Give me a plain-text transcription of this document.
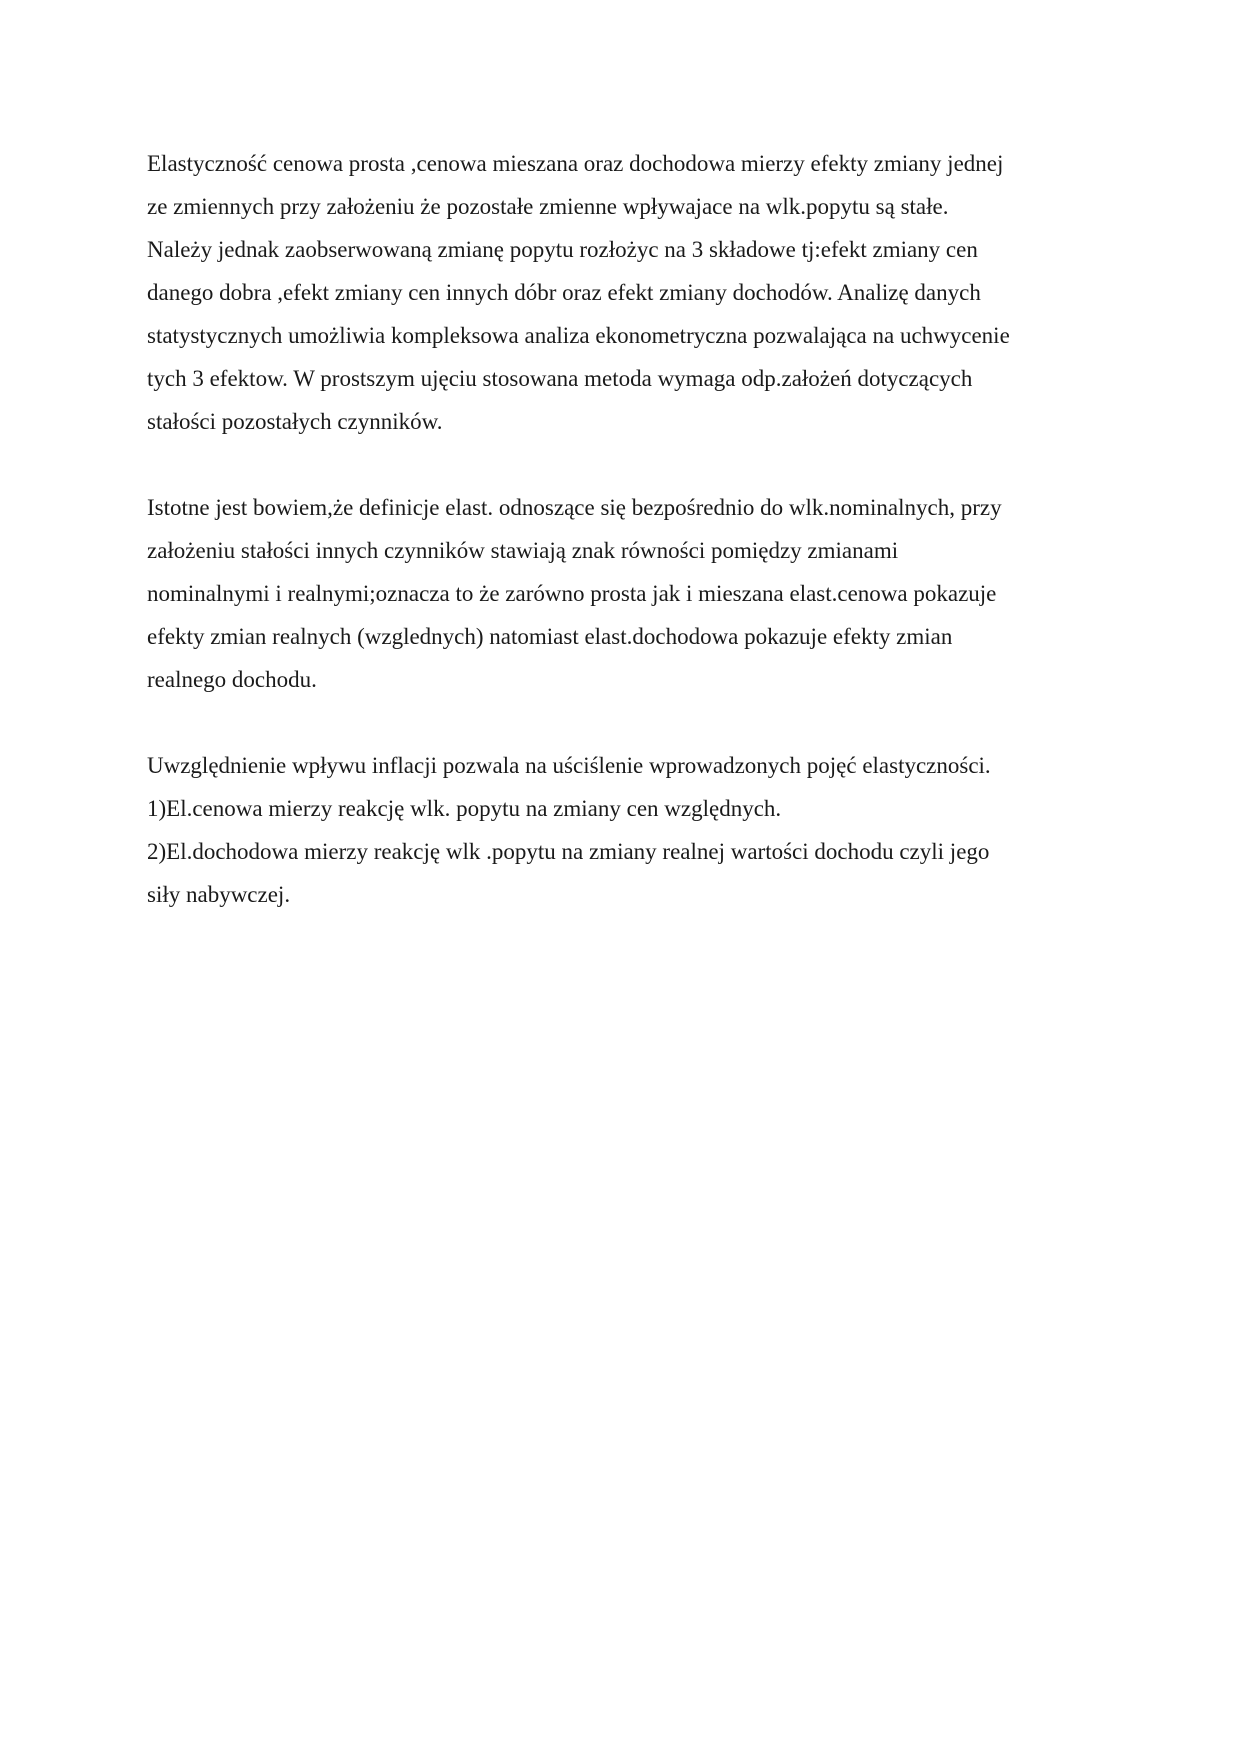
Elastyczność cenowa prosta ,cenowa mieszana oraz dochodowa mierzy efekty zmiany jednej
ze zmiennych przy założeniu że pozostałe zmienne wpływajace na wlk.popytu są stałe.
Należy jednak zaobserwowaną zmianę popytu rozłożyc na 3 składowe tj:efekt zmiany cen
danego dobra ,efekt zmiany cen innych dóbr oraz efekt zmiany dochodów. Analizę danych
statystycznych umożliwia kompleksowa analiza ekonometryczna pozwalająca na uchwycenie
tych 3 efektow. W prostszym ujęciu stosowana metoda wymaga odp.założeń dotyczących
stałości pozostałych czynników.
Istotne jest bowiem,że definicje elast. odnoszące się bezpośrednio do wlk.nominalnych, przy
założeniu stałości innych czynników stawiają znak równości pomiędzy zmianami
nominalnymi i realnymi;oznacza to że zarówno prosta jak i mieszana elast.cenowa pokazuje
efekty zmian realnych (wzglednych) natomiast elast.dochodowa pokazuje efekty zmian
realnego dochodu.
Uwzględnienie wpływu inflacji pozwala na uściślenie wprowadzonych pojęć elastyczności.
1)El.cenowa mierzy reakcję wlk. popytu na zmiany cen względnych.
2)El.dochodowa mierzy reakcję wlk .popytu na zmiany realnej wartości dochodu czyli jego
siły nabywczej.
